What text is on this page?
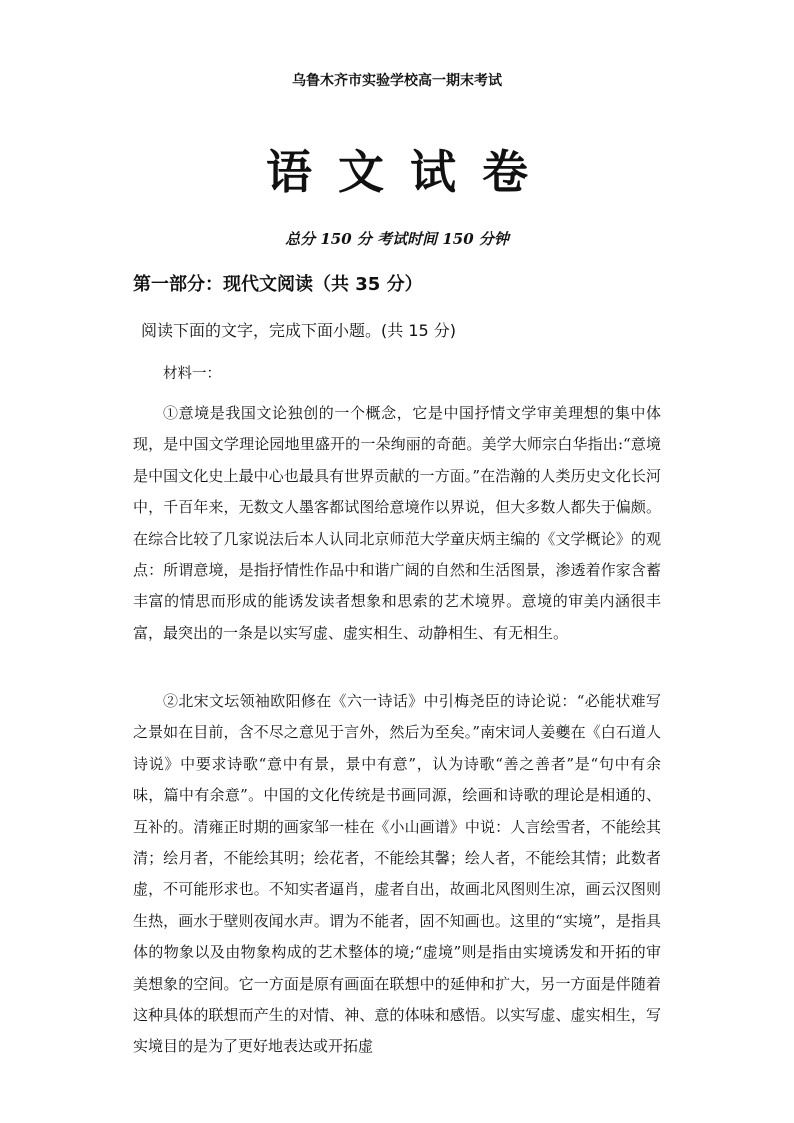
乌鲁木齐市实验学校高一期末考试
语文试卷
总分 150 分 考试时间 150 分钟
第一部分：现代文阅读（共 35 分）
阅读下面的文字，完成下面小题。(共 15 分)
材料一：

①意境是我国文论独创的一个概念，它是中国抒情文学审美理想的集中体现，是中国文学理论园地里盛开的一朵绚丽的奇葩。美学大师宗白华指出:“意境是中国文化史上最中心也最具有世界贡献的一方面。”在浩瀚的人类历史文化长河中，千百年来，无数文人墨客都试图给意境作以界说，但大多数人都失于偏颇。在综合比较了几家说法后本人认同北京师范大学童庆炳主编的《文学概论》的观点：所谓意境，是指抒情性作品中和谐广阔的自然和生活图景，渗透着作家含蓄丰富的情思而形成的能诱发读者想象和思索的艺术境界。意境的审美内涵很丰富，最突出的一条是以实写虚、虚实相生、动静相生、有无相生。

②北宋文坛领袖欧阳修在《六一诗话》中引梅尧臣的诗论说：“必能状难写之景如在目前，含不尽之意见于言外，然后为至矣。”南宋词人姜夔在《白石道人诗说》中要求诗歌“意中有景，景中有意”，认为诗歌“善之善者”是“句中有余味，篇中有余意”。中国的文化传统是书画同源，绘画和诗歌的理论是相通的、互补的。清雍正时期的画家邹一桂在《小山画谱》中说：人言绘雪者，不能绘其清；绘月者，不能绘其明；绘花者，不能绘其馨；绘人者，不能绘其情；此数者虚，不可能形求也。不知实者逼肖，虚者自出，故画北风图则生凉，画云汉图则生热，画水于壁则夜闻水声。谓为不能者，固不知画也。这里的“实境”，是指具体的物象以及由物象构成的艺术整体的境;“虚境”则是指由实境诱发和开拓的审美想象的空间。它一方面是原有画面在联想中的延伸和扩大，另一方面是伴随着这种具体的联想而产生的对情、神、意的体味和感悟。以实写虚、虚实相生，写实境目的是为了更好地表达或开拓虚
